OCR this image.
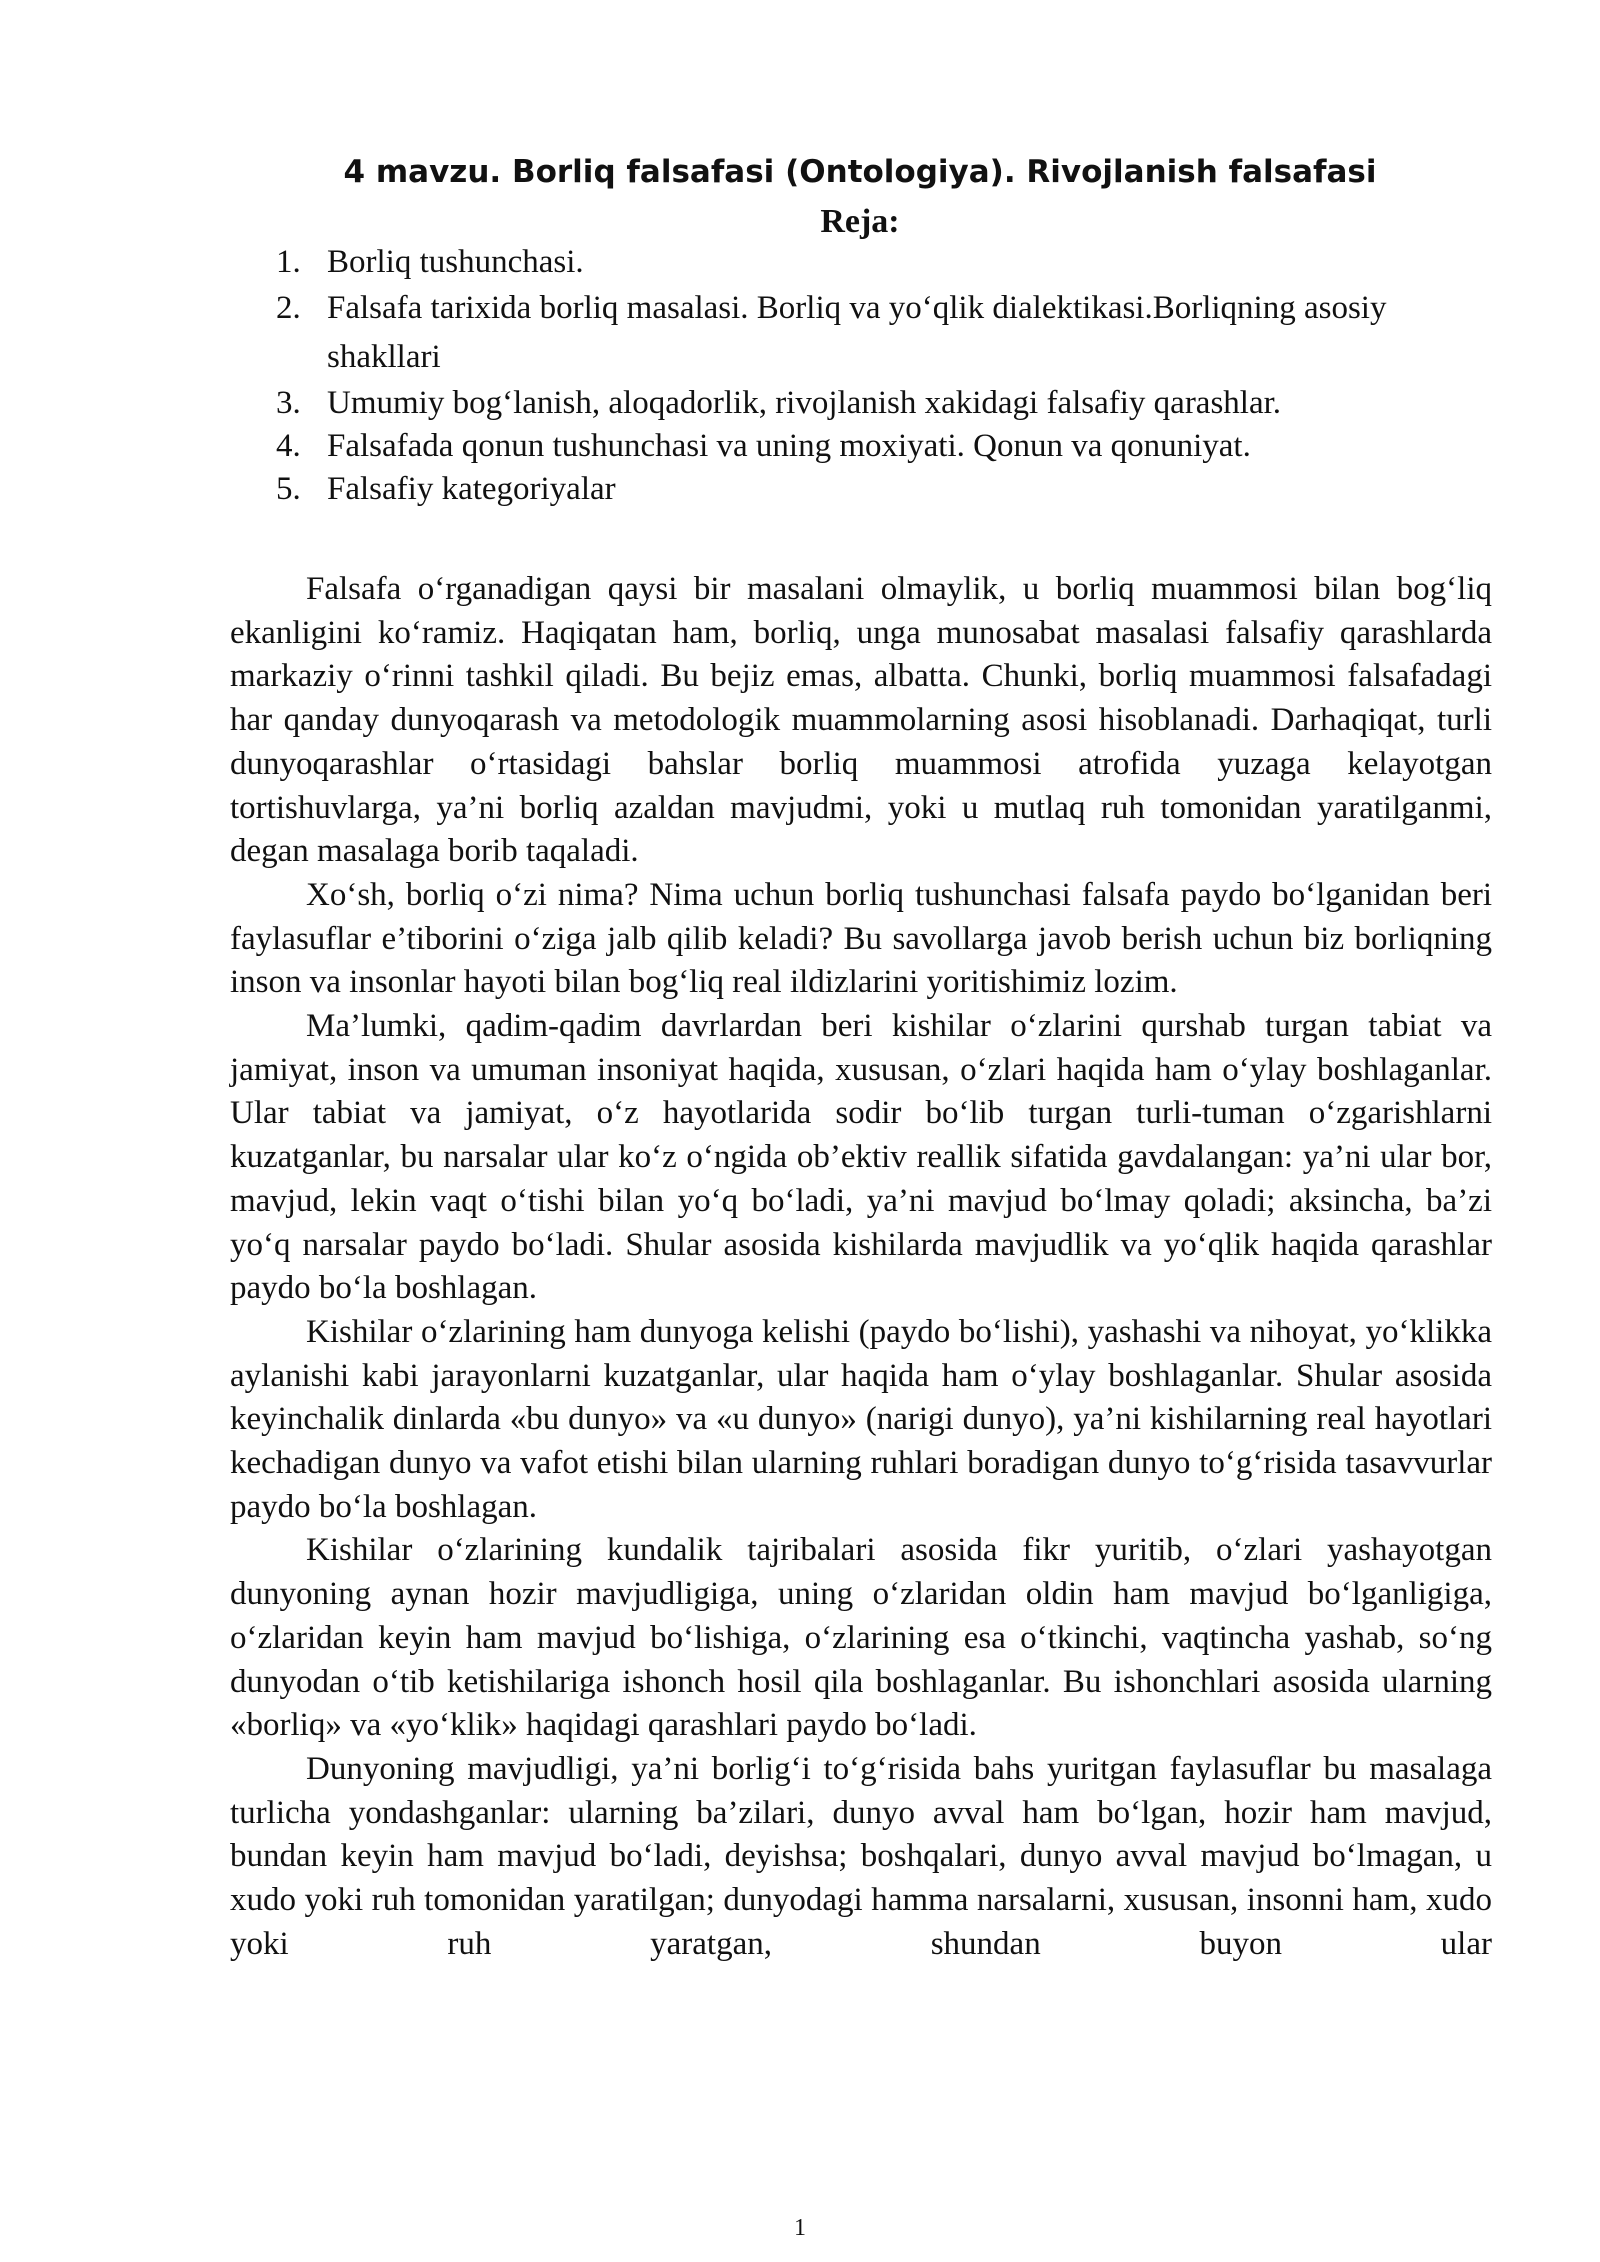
4 mavzu. Borliq falsafasi (Ontologiya). Rivojlanish falsafasi
Reja:
1. Borliq tushunchasi.
2. Falsafa tarixida borliq masalasi. Borliq va yo‘qlik dialektikasi.Borliqning asosiy shakllari
3. Umumiy bog‘lanish, aloqadorlik, rivojlanish xakidagi falsafiy qarashlar.
4. Falsafada qonun tushunchasi va uning moxiyati. Qonun va qonuniyat.
5. Falsafiy kategoriyalar

Falsafa o‘rganadigan qaysi bir masalani olmaylik, u borliq muammosi bilan bog‘liq ekanligini ko‘ramiz. Haqiqatan ham, borliq, unga munosabat masalasi falsafiy qarashlarda markaziy o‘rinni tashkil qiladi. Bu bejiz emas, albatta. Chunki, borliq muammosi falsafadagi har qanday dunyoqarash va metodologik muammolarning asosi hisoblanadi. Darhaqiqat, turli dunyoqarashlar o‘rtasidagi bahslar borliq muammosi atrofida yuzaga kelayotgan tortishuvlarga, ya’ni borliq azaldan mavjudmi, yoki u mutlaq ruh tomonidan yaratilganmi, degan masalaga borib taqaladi.

Xo‘sh, borliq o‘zi nima? Nima uchun borliq tushunchasi falsafa paydo bo‘lganidan beri faylasuflar e’tiborini o‘ziga jalb qilib keladi? Bu savollarga javob berish uchun biz borliqning inson va insonlar hayoti bilan bog‘liq real ildizlarini yoritishimiz lozim.

Ma’lumki, qadim-qadim davrlardan beri kishilar o‘zlarini qurshab turgan tabiat va jamiyat, inson va umuman insoniyat haqida, xususan, o‘zlari haqida ham o‘ylay boshlaganlar. Ular tabiat va jamiyat, o‘z hayotlarida sodir bo‘lib turgan turli-tuman o‘zgarishlarni kuzatganlar, bu narsalar ular ko‘z o‘ngida ob’ektiv reallik sifatida gavdalangan: ya’ni ular bor, mavjud, lekin vaqt o‘tishi bilan yo‘q bo‘ladi, ya’ni mavjud bo‘lmay qoladi; aksincha, ba’zi yo‘q narsalar paydo bo‘ladi. Shular asosida kishilarda mavjudlik va yo‘qlik haqida qarashlar paydo bo‘la boshlagan.

Kishilar o‘zlarining ham dunyoga kelishi (paydo bo‘lishi), yashashi va nihoyat, yo‘klikka aylanishi kabi jarayonlarni kuzatganlar, ular haqida ham o‘ylay boshlaganlar. Shular asosida keyinchalik dinlarda «bu dunyo» va «u dunyo» (narigi dunyo), ya’ni kishilarning real hayotlari kechadigan dunyo va vafot etishi bilan ularning ruhlari boradigan dunyo to‘g‘risida tasavvurlar paydo bo‘la boshlagan.

Kishilar o‘zlarining kundalik tajribalari asosida fikr yuritib, o‘zlari yashayotgan dunyoning aynan hozir mavjudligiga, uning o‘zlaridan oldin ham mavjud bo‘lganligiga, o‘zlaridan keyin ham mavjud bo‘lishiga, o‘zlarining esa o‘tkinchi, vaqtincha yashab, so‘ng dunyodan o‘tib ketishilariga ishonch hosil qila boshlaganlar. Bu ishonchlari asosida ularning «borliq» va «yo‘klik» haqidagi qarashlari paydo bo‘ladi.

Dunyoning mavjudligi, ya’ni borlig‘i to‘g‘risida bahs yuritgan faylasuflar bu masalaga turlicha yondashganlar: ularning ba’zilari, dunyo avval ham bo‘lgan, hozir ham mavjud, bundan keyin ham mavjud bo‘ladi, deyishsa; boshqalari, dunyo avval mavjud bo‘lmagan, u xudo yoki ruh tomonidan yaratilgan; dunyodagi hamma narsalarni, xususan, insonni ham, xudo yoki ruh yaratgan, shundan buyon ular

1
